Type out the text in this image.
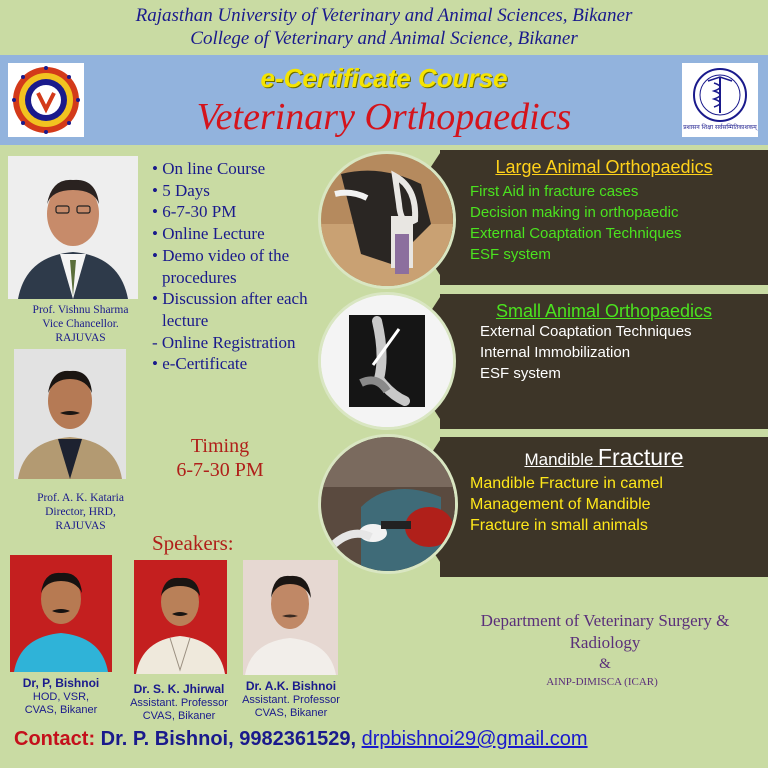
Rajasthan University of Veterinary and Animal Sciences, Bikaner
College of Veterinary and Animal Science, Bikaner
e-Certificate Course
Veterinary Orthopaedics	प्रशासन शिक्षा सर्वसम्मितिकाशकम्
Prof. Vishnu Sharma
Vice Chancellor.
RAJUVAS
Prof. A. K. Kataria
Director, HRD,
RAJUVAS
• On line Course
• 5 Days
• 6-7-30 PM
• Online Lecture
• Demo video of the procedures
• Discussion after each lecture
- Online Registration
• e-Certificate
Timing
6-7-30 PM
Speakers:
Dr, P, Bishnoi
HOD, VSR,
CVAS, Bikaner
Dr. S. K. Jhirwal
Assistant. Professor
CVAS, Bikaner
Dr. A.K. Bishnoi
Assistant. Professor
CVAS, Bikaner
Large Animal Orthopaedics
First Aid in fracture cases
Decision making in orthopaedic
External Coaptation Techniques
ESF system
Small Animal Orthopaedics
External Coaptation Techniques
Internal Immobilization
ESF system
Mandible Fracture
Mandible Fracture in camel
Management of Mandible
Fracture in small animals
Department of Veterinary Surgery &
Radiology
&
AINP-DIMISCA (ICAR)
Contact: Dr. P. Bishnoi, 9982361529, drpbishnoi29@gmail.com
